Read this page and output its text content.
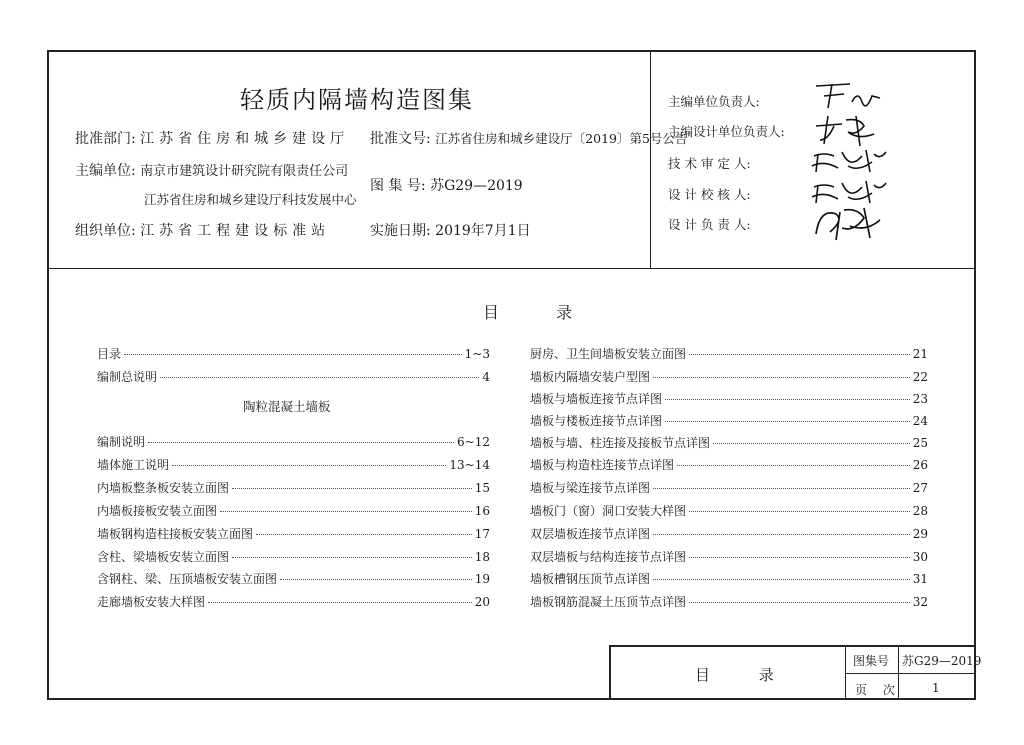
轻质内隔墙构造图集
批准部门: 江苏省住房和城乡建设厅 批准文号: 江苏省住房和城乡建设厅〔2019〕第5号公告
主编单位: 南京市建筑设计研究院有限责任公司
江苏省住房和城乡建设厅科技发展中心
图 集 号: 苏G29—2019
组织单位: 江苏省工程建设标准站	实施日期: 2019年7月1日
主编单位负责人:
主编设计单位负责人:
技 术 审 定 人:
设 计 校 核 人:
设 计 负 责 人:
目 录
目录	1~3
编制总说明	4
陶粒混凝土墙板
编制说明	6~12
墙体施工说明	13~14
内墙板整条板安装立面图	15
内墙板接板安装立面图	16
墙板钢构造柱接板安装立面图	17
含柱、梁墙板安装立面图	18
含钢柱、梁、压顶墙板安装立面图	19
走廊墙板安装大样图	20
厨房、卫生间墙板安装立面图	21
墙板内隔墙安装户型图	22
墙板与墙板连接节点详图	23
墙板与楼板连接节点详图	24
墙板与墙、柱连接及接板节点详图	25
墙板与构造柱连接节点详图	26
墙板与梁连接节点详图	27
墙板门（窗）洞口安装大样图	28
双层墙板连接节点详图	29
双层墙板与结构连接节点详图	30
墙板槽钢压顶节点详图	31
墙板钢筋混凝土压顶节点详图	32
目 录
图集号 苏G29—2019
页 次	1
